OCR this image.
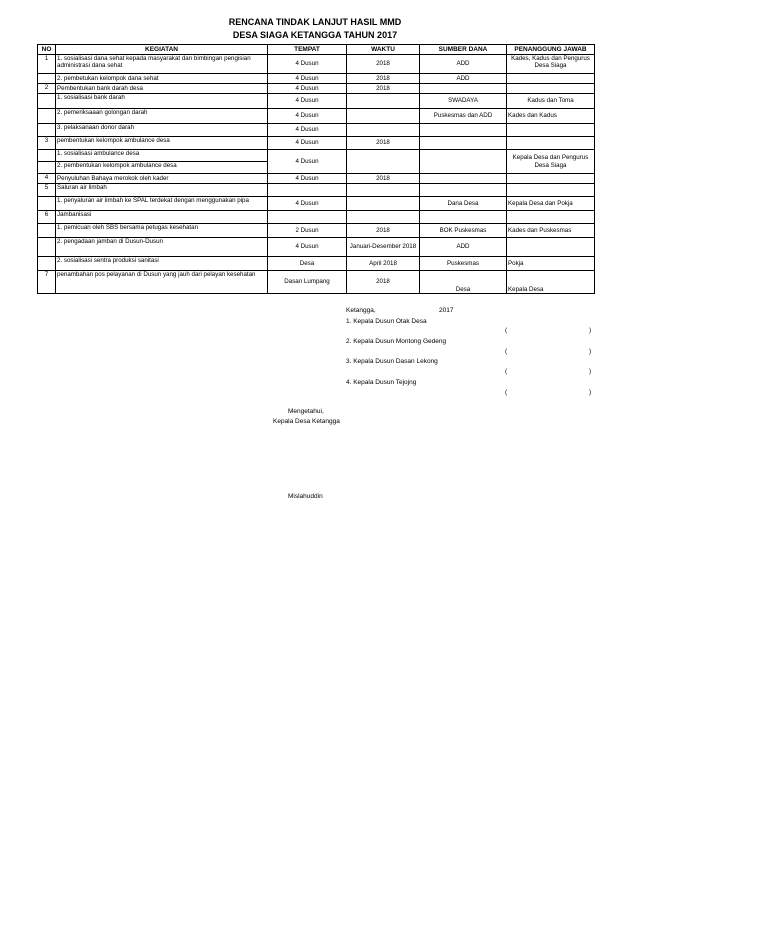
RENCANA TINDAK LANJUT HASIL MMD
DESA SIAGA KETANGGA TAHUN 2017
NO	KEGIATAN	TEMPAT	WAKTU	SUMBER DANA	PENANGGUNG JAWAB
1	1. sosialisasi dana sehat kepada masyarakat dan bimbingan pengisian administrasi dana sehat	4 Dusun	2018	ADD	Kades, Kadus dan Pengurus Desa Siaga
	2. pembetukan kelompok dana sehat	4 Dusun	2018	ADD	
2	Pembentukan bank darah desa	4 Dusun	2018		
	1. sosialisasi bank darah	4 Dusun		SWADAYA	Kadus dan Toma
	2. pemeriksaaan golongan darah	4 Dusun		Puskesmas dan ADD	Kades dan Kadus
	3. pelaksanaan donor darah	4 Dusun			
3	pembentukan kelompok ambulance desa	4 Dusun	2018		
	1. sosialisasi ambulance desa	4 Dusun			Kepala Desa dan Pengurus Desa Siaga
	2. pembentukan kelompok ambulance desa				
4	Penyuluhan Bahaya merokok oleh kader	4 Dusun	2018		
5	Saluran air limbah				
	1. penyaluran air limbah ke SPAL terdekat dengan menggunakan pipa	4 Dusun		Dana Desa	Kepala Desa dan Pokja
6	Jambanisasi				
	1. pemicuan oleh SBS bersama petugas kesehatan	2 Dusun	2018	BOK Puskesmas	Kades dan Puskesmas
	2. pengadaan jamban di Dusun-Dusun	4 Dusun	Januari-Desember 2018	ADD	
	2. sosialisasi sentra produksi sanitasi	Desa	April 2018	Puskesmas	Pokja
7	penambahan pos pelayanan di Dusun yang jauh dari pelayan kesehatan	Dasan Lumpang	2018	Desa	Kepala Desa
Ketangga,	2017
1. Kepala Dusun Otak Desa
(	)
2. Kepala Dusun Montong Gedeng
(	)
3. Kepala Dusun Dasan Lekong
(	)
4. Kepala Dusun Tejojng
(	)
Mengetahui,
Kepala Desa Ketangga
Mislahuddin
